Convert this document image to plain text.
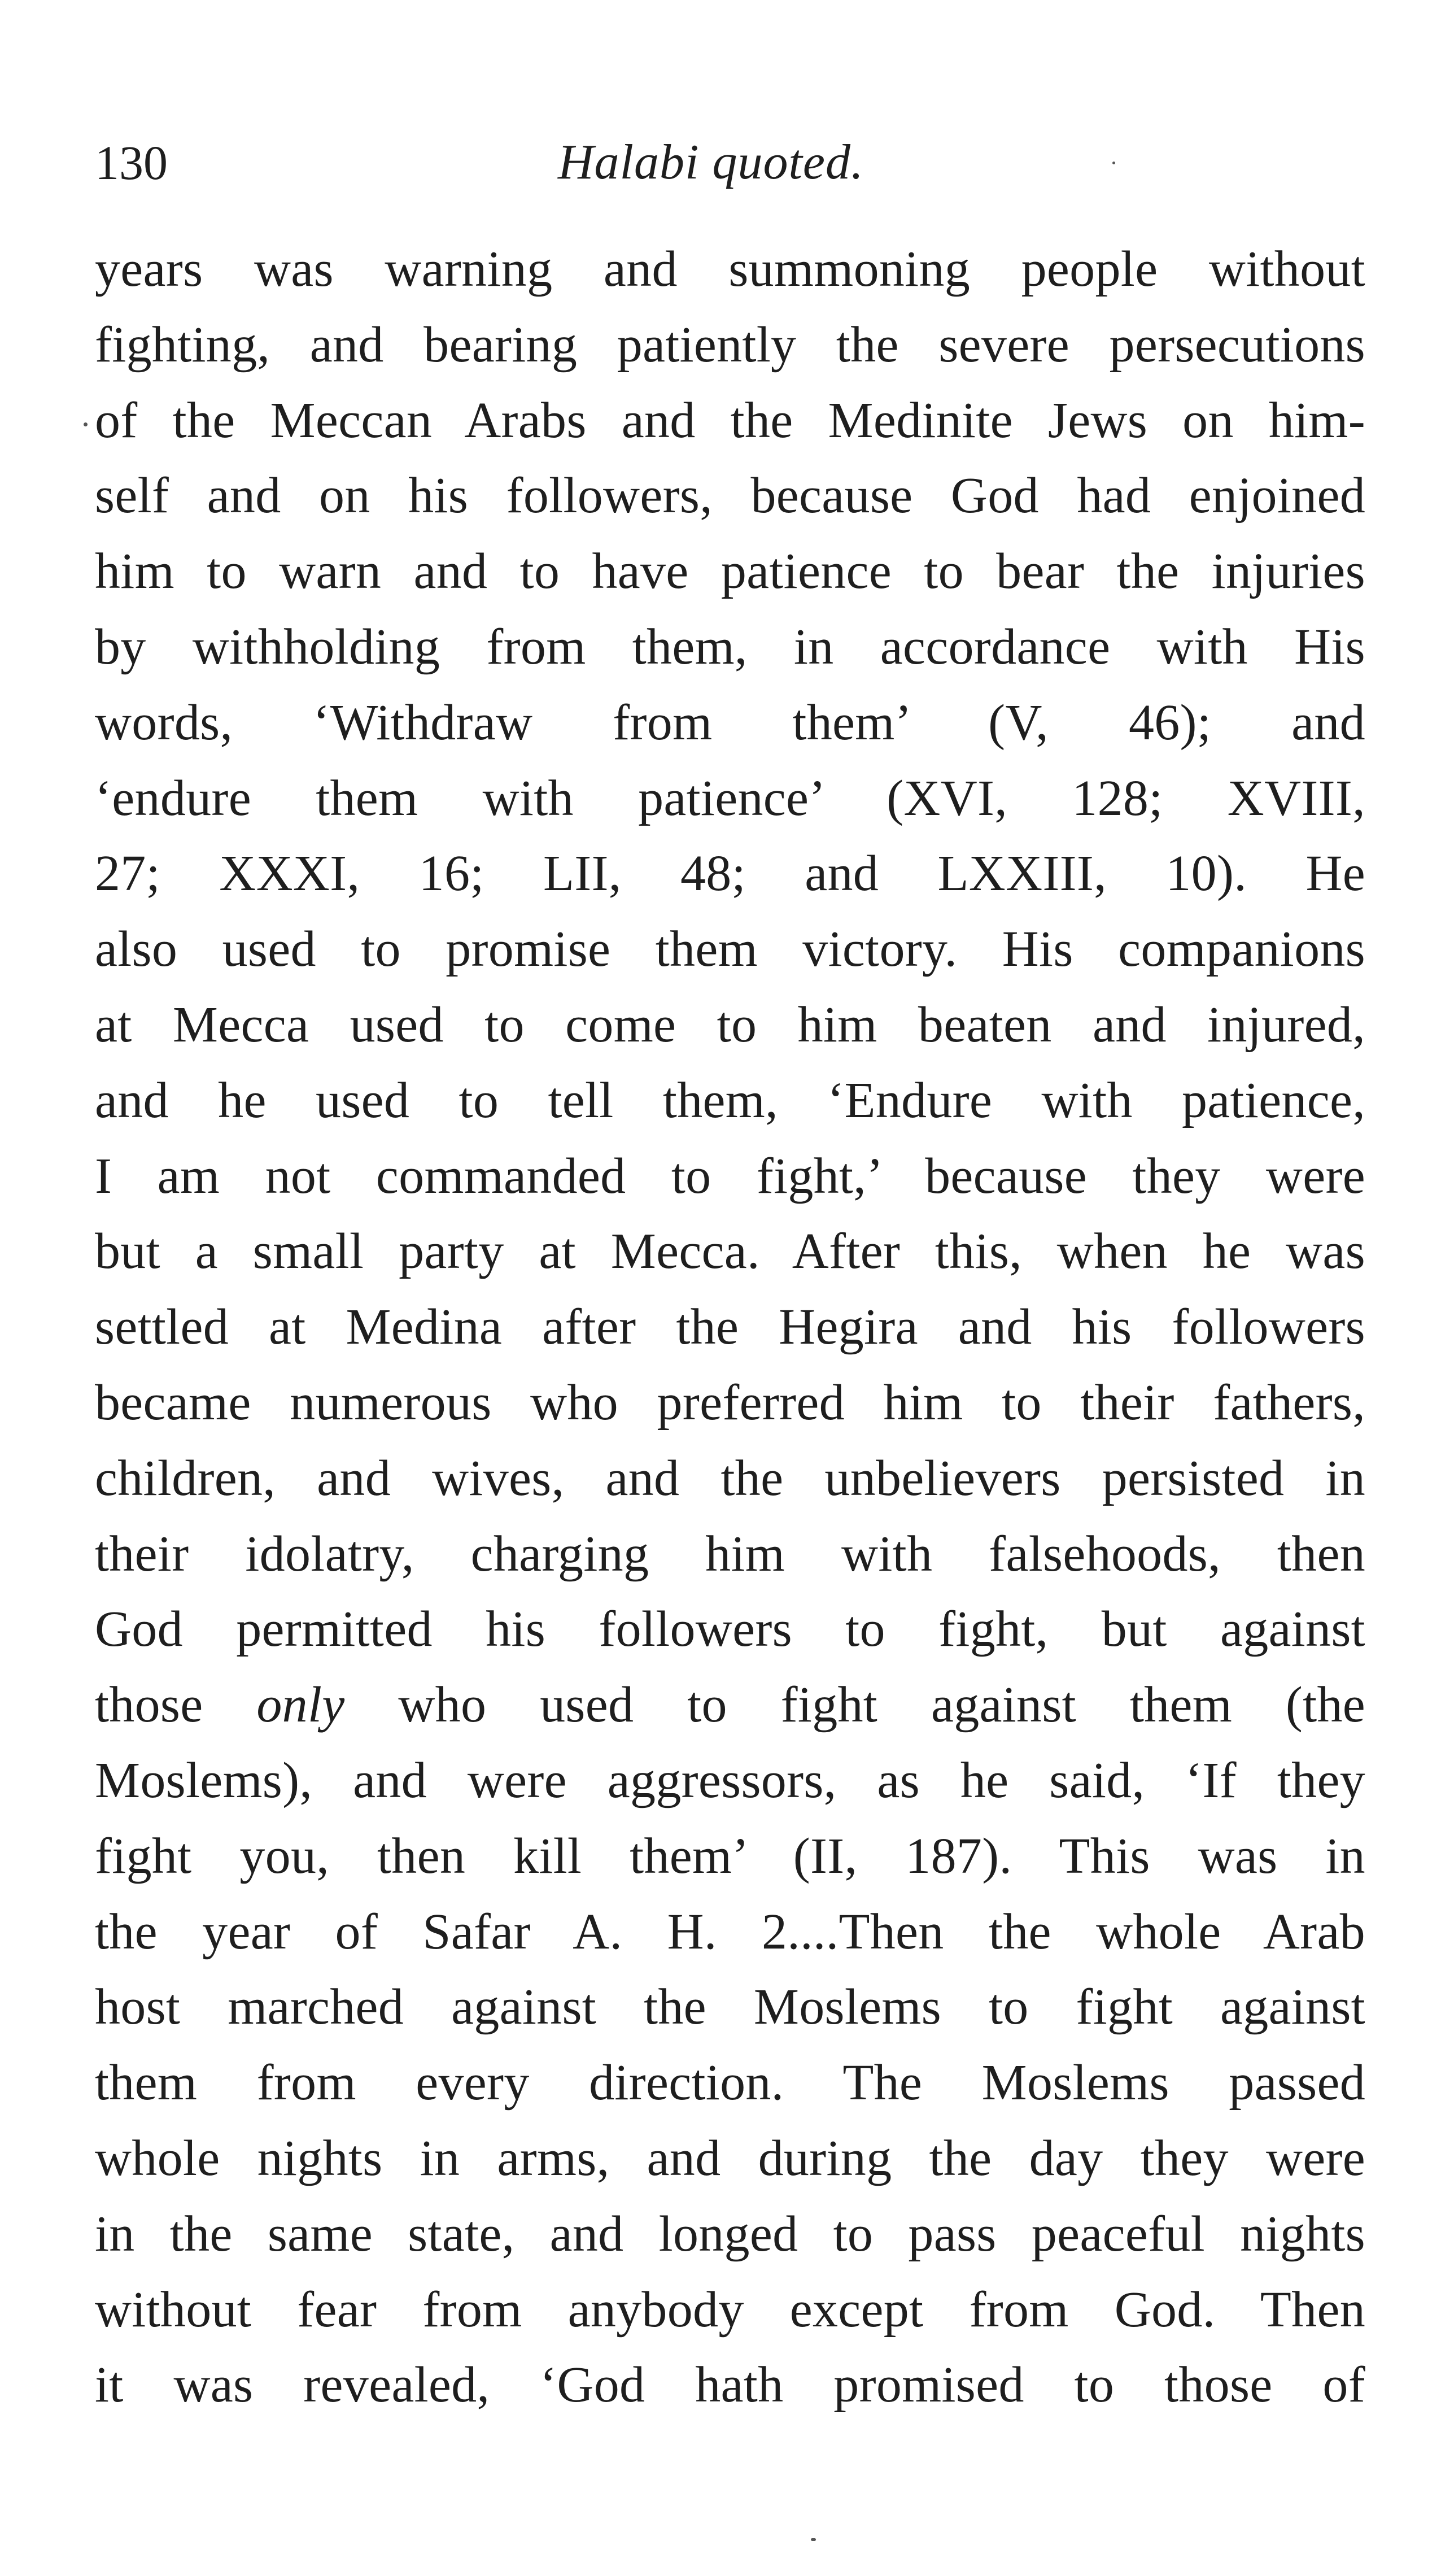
130	Halabi quoted.
years was warning and summoning people without
fighting, and bearing patiently the severe persecutions
of the Meccan Arabs and the Medinite Jews on him-
self and on his followers, because God had enjoined
him to warn and to have patience to bear the injuries
by withholding from them, in accordance with His
words, ‘Withdraw from them’ (V, 46); and
‘endure them with patience’ (XVI, 128; XVIII,
27; XXXI, 16; LII, 48; and LXXIII, 10). He
also used to promise them victory. His companions
at Mecca used to come to him beaten and injured,
and he used to tell them, ‘Endure with patience,
I am not commanded to fight,’ because they were
but a small party at Mecca. After this, when he was
settled at Medina after the Hegira and his followers
became numerous who preferred him to their fathers,
children, and wives, and the unbelievers persisted in
their idolatry, charging him with falsehoods, then
God permitted his followers to fight, but against
those only who used to fight against them (the
Moslems), and were aggressors, as he said, ‘If they
fight you, then kill them’ (II, 187). This was in
the year of Safar A. H. 2....Then the whole Arab
host marched against the Moslems to fight against
them from every direction. The Moslems passed
whole nights in arms, and during the day they were
in the same state, and longed to pass peaceful nights
without fear from anybody except from God. Then
it was revealed, ‘God hath promised to those of
